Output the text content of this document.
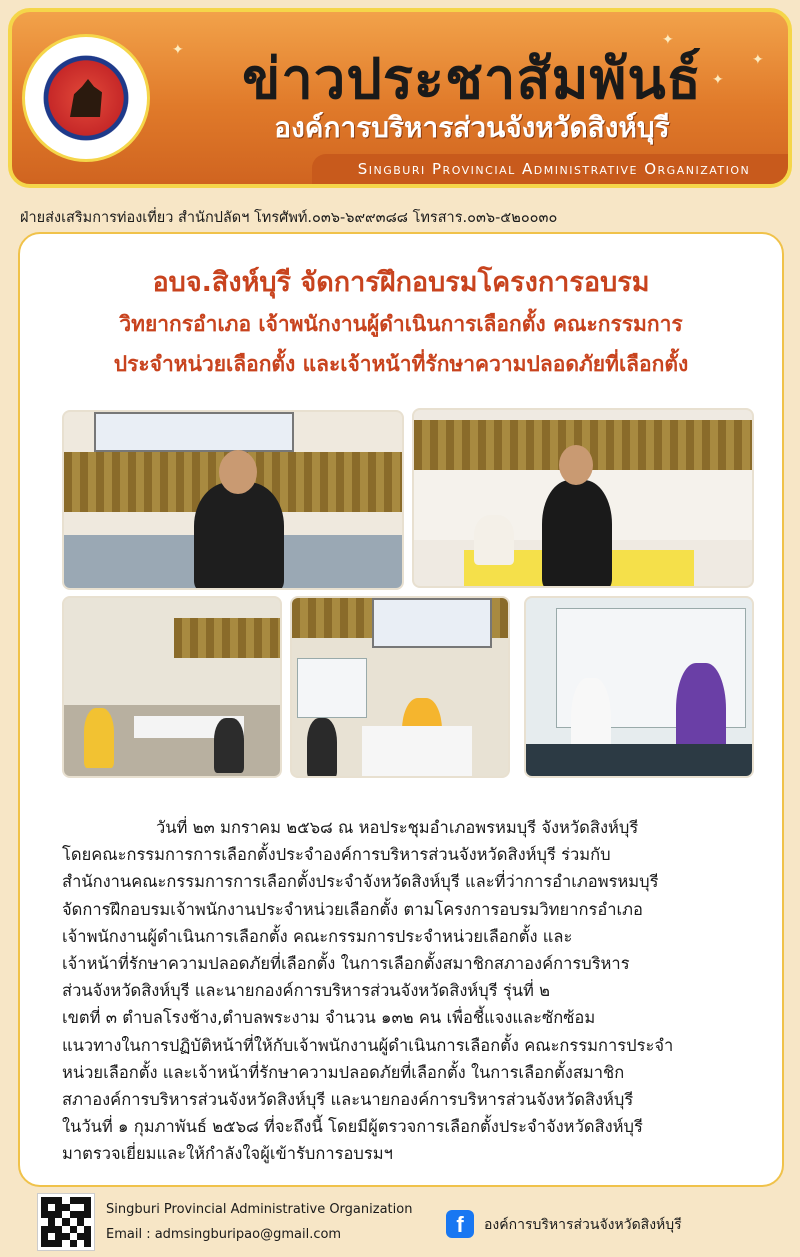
✦
✦
✦
✦
ข่าวประชาสัมพันธ์
องค์การบริหารส่วนจังหวัดสิงห์บุรี
Singburi Provincial Administrative Organization
ฝ่ายส่งเสริมการท่องเที่ยว สำนักปลัดฯ โทรศัพท์.๐๓๖-๖๙๙๓๘๘ โทรสาร.๐๓๖-๕๒๐๐๓๐
อบจ.สิงห์บุรี จัดการฝึกอบรมโครงการอบรม
วิทยากรอำเภอ เจ้าพนักงานผู้ดำเนินการเลือกตั้ง คณะกรรมการ
ประจำหน่วยเลือกตั้ง และเจ้าหน้าที่รักษาความปลอดภัยที่เลือกตั้ง
วันที่ ๒๓ มกราคม ๒๕๖๘ ณ หอประชุมอำเภอพรหมบุรี จังหวัดสิงห์บุรี
โดยคณะกรรมการการเลือกตั้งประจำองค์การบริหารส่วนจังหวัดสิงห์บุรี ร่วมกับ
สำนักงานคณะกรรมการการเลือกตั้งประจำจังหวัดสิงห์บุรี และที่ว่าการอำเภอพรหมบุรี
จัดการฝึกอบรมเจ้าพนักงานประจำหน่วยเลือกตั้ง ตามโครงการอบรมวิทยากรอำเภอ
เจ้าพนักงานผู้ดำเนินการเลือกตั้ง คณะกรรมการประจำหน่วยเลือกตั้ง และ
เจ้าหน้าที่รักษาความปลอดภัยที่เลือกตั้ง ในการเลือกตั้งสมาชิกสภาองค์การบริหาร
ส่วนจังหวัดสิงห์บุรี และนายกองค์การบริหารส่วนจังหวัดสิงห์บุรี รุ่นที่ ๒
เขตที่ ๓ ตำบลโรงช้าง,ตำบลพระงาม จำนวน ๑๓๒ คน เพื่อชี้แจงและซักซ้อม
แนวทางในการปฏิบัติหน้าที่ให้กับเจ้าพนักงานผู้ดำเนินการเลือกตั้ง คณะกรรมการประจำ
หน่วยเลือกตั้ง และเจ้าหน้าที่รักษาความปลอดภัยที่เลือกตั้ง ในการเลือกตั้งสมาชิก
สภาองค์การบริหารส่วนจังหวัดสิงห์บุรี และนายกองค์การบริหารส่วนจังหวัดสิงห์บุรี
ในวันที่ ๑ กุมภาพันธ์ ๒๕๖๘ ที่จะถึงนี้ โดยมีผู้ตรวจการเลือกตั้งประจำจังหวัดสิงห์บุรี
มาตรวจเยี่ยมและให้กำลังใจผู้เข้ารับการอบรมฯ
Singburi Provincial Administrative Organization
Email : admsingburipao@gmail.com	f	องค์การบริหารส่วนจังหวัดสิงห์บุรี
